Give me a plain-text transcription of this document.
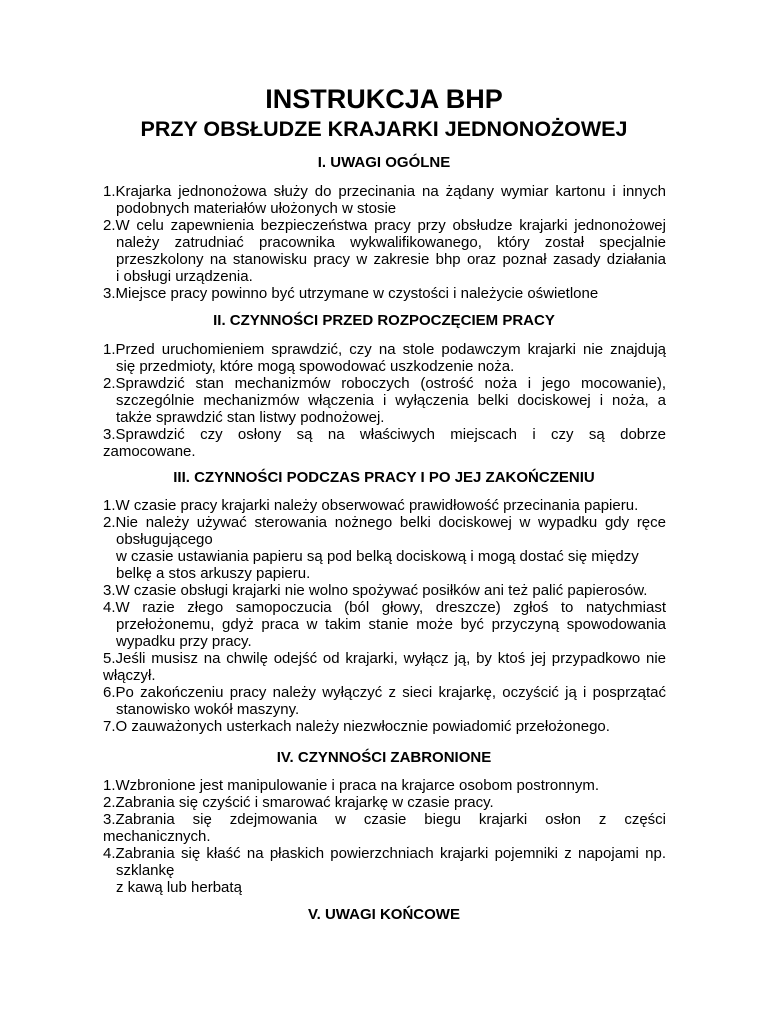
INSTRUKCJA BHP
PRZY OBSŁUDZE KRAJARKI JEDNONOŻOWEJ
I. UWAGI OGÓLNE

1.Krajarka jednonożowa służy do przecinania na żądany wymiar kartonu i innych

podobnych materiałów ułożonych w stosie

2.W celu zapewnienia bezpieczeństwa pracy przy obsłudze krajarki jednonożowej

należy zatrudniać pracownika wykwalifikowanego, który został specjalnie

przeszkolony na stanowisku pracy w zakresie bhp oraz poznał zasady działania

i obsługi urządzenia.

3.Miejsce pracy powinno być utrzymane w czystości i należycie oświetlone

II. CZYNNOŚCI PRZED ROZPOCZĘCIEM PRACY

1.Przed uruchomieniem sprawdzić, czy na stole podawczym krajarki nie znajdują

się przedmioty, które mogą spowodować uszkodzenie noża.

2.Sprawdzić stan mechanizmów roboczych (ostrość noża i jego mocowanie),

szczególnie mechanizmów włączenia i wyłączenia belki dociskowej i noża, a

także sprawdzić stan listwy podnożowej.

3.Sprawdzić czy osłony są na właściwych miejscach i czy są dobrze

zamocowane.

III. CZYNNOŚCI PODCZAS PRACY I PO JEJ ZAKOŃCZENIU

1.W czasie pracy krajarki należy obserwować prawidłowość przecinania papieru.

2.Nie należy używać sterowania nożnego belki dociskowej w wypadku gdy ręce

obsługującego

w czasie ustawiania papieru są pod belką dociskową i mogą dostać się między

belkę a stos arkuszy papieru.

3.W czasie obsługi krajarki nie wolno spożywać posiłków ani też palić papierosów.

4.W razie złego samopoczucia (ból głowy, dreszcze) zgłoś to natychmiast

przełożonemu, gdyż praca w takim stanie może być przyczyną spowodowania

wypadku przy pracy.

5.Jeśli musisz na chwilę odejść od krajarki, wyłącz ją, by ktoś jej przypadkowo nie

włączył.

6.Po zakończeniu pracy należy wyłączyć z sieci krajarkę, oczyścić ją i posprzątać

stanowisko wokół maszyny.

7.O zauważonych usterkach należy niezwłocznie powiadomić przełożonego.

IV. CZYNNOŚCI ZABRONIONE

1.Wzbronione jest manipulowanie i praca na krajarce osobom postronnym.

2.Zabrania się czyścić i smarować krajarkę w czasie pracy.

3.Zabrania się zdejmowania w czasie biegu krajarki osłon z części

mechanicznych.

4.Zabrania się kłaść na płaskich powierzchniach krajarki pojemniki z napojami np.

szklankę

z kawą lub herbatą

V. UWAGI KOŃCOWE
